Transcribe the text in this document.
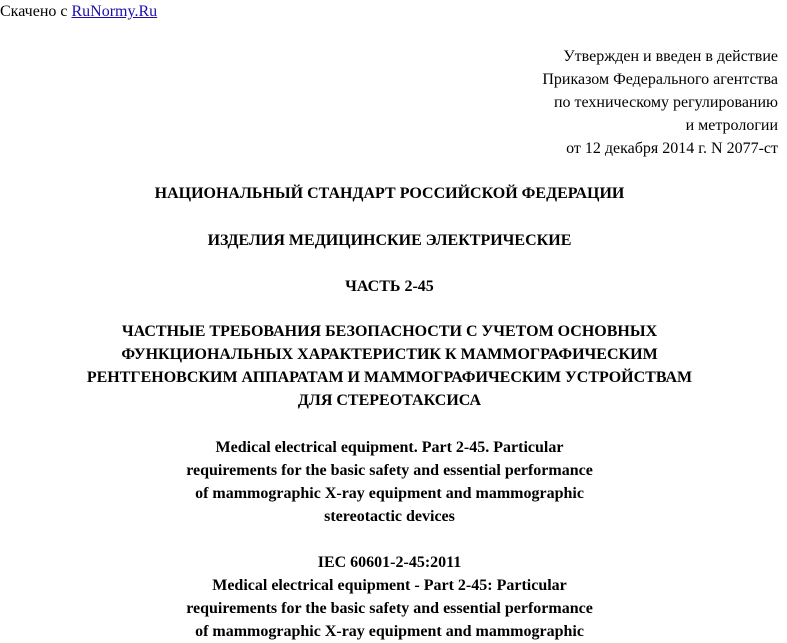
Скачено с RuNormy.Ru
Утвержден и введен в действие
Приказом Федерального агентства
по техническому регулированию
и метрологии
от 12 декабря 2014 г. N 2077-ст
НАЦИОНАЛЬНЫЙ СТАНДАРТ РОССИЙСКОЙ ФЕДЕРАЦИИ
ИЗДЕЛИЯ МЕДИЦИНСКИЕ ЭЛЕКТРИЧЕСКИЕ
ЧАСТЬ 2-45
ЧАСТНЫЕ ТРЕБОВАНИЯ БЕЗОПАСНОСТИ С УЧЕТОМ ОСНОВНЫХ
ФУНКЦИОНАЛЬНЫХ ХАРАКТЕРИСТИК К МАММОГРАФИЧЕСКИМ
РЕНТГЕНОВСКИМ АППАРАТАМ И МАММОГРАФИЧЕСКИМ УСТРОЙСТВАМ
ДЛЯ СТЕРЕОТАКСИСА
Medical electrical equipment. Part 2-45. Particular
requirements for the basic safety and essential performance
of mammographic X-ray equipment and mammographic
stereotactic devices
IEC 60601-2-45:2011
Medical electrical equipment - Part 2-45: Particular
requirements for the basic safety and essential performance
of mammographic X-ray equipment and mammographic
